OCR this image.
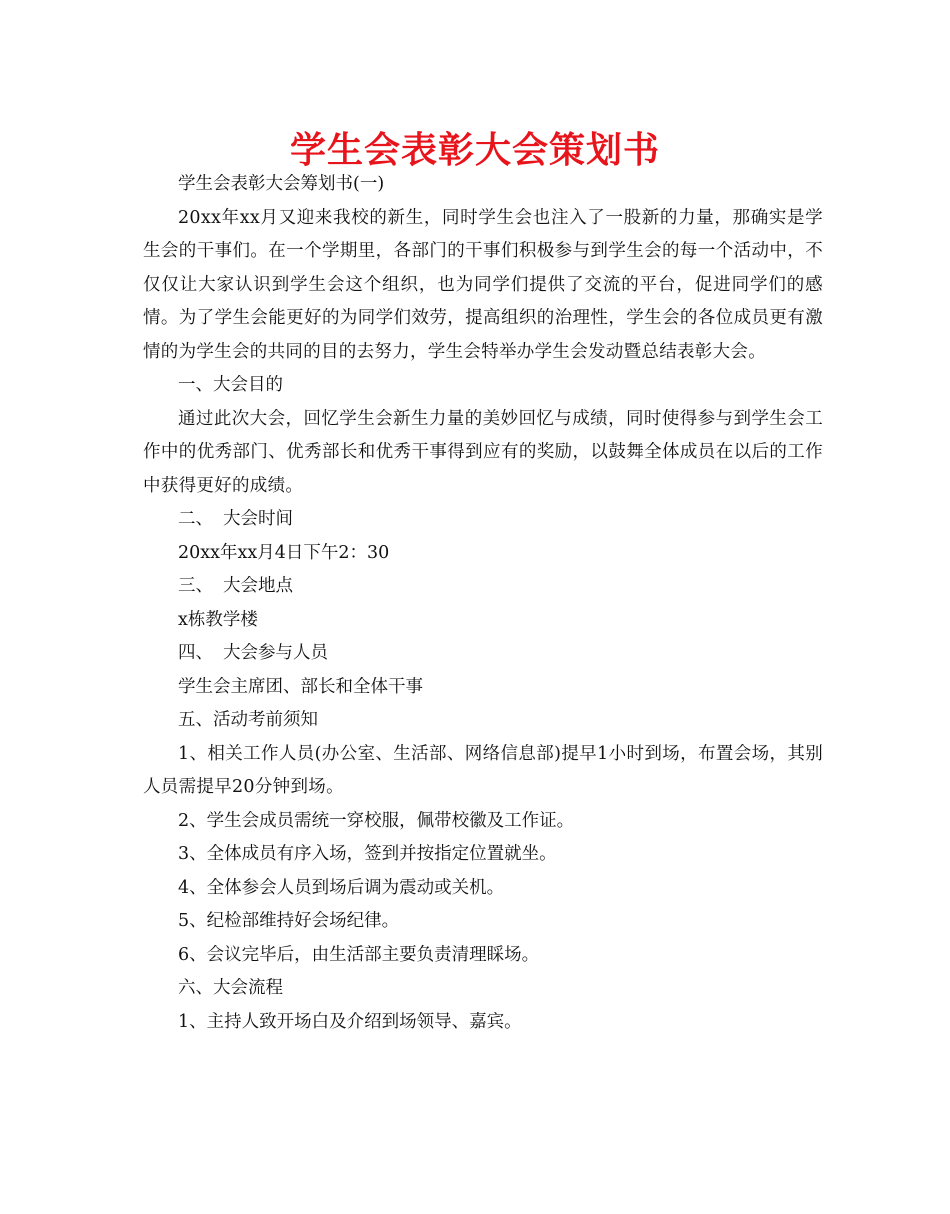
学生会表彰大会策划书
学生会表彰大会筹划书(一)

20xx年xx月又迎来我校的新生，同时学生会也注入了一股新的力量，那确实是学生会的干事们。在一个学期里，各部门的干事们积极参与到学生会的每一个活动中，不仅仅让大家认识到学生会这个组织，也为同学们提供了交流的平台，促进同学们的感情。为了学生会能更好的为同学们效劳，提高组织的治理性，学生会的各位成员更有激情的为学生会的共同的目的去努力，学生会特举办学生会发动暨总结表彰大会。

一、大会目的

通过此次大会，回忆学生会新生力量的美妙回忆与成绩，同时使得参与到学生会工作中的优秀部门、优秀部长和优秀干事得到应有的奖励，以鼓舞全体成员在以后的工作中获得更好的成绩。

二、 大会时间
20xx年xx月4日下午2：30
三、 大会地点
x栋教学楼
四、 大会参与人员
学生会主席团、部长和全体干事
五、活动考前须知

1、相关工作人员(办公室、生活部、网络信息部)提早1小时到场，布置会场，其别人员需提早20分钟到场。

2、学生会成员需统一穿校服，佩带校徽及工作证。
3、全体成员有序入场，签到并按指定位置就坐。
4、全体参会人员到场后调为震动或关机。
5、纪检部维持好会场纪律。
6、会议完毕后，由生活部主要负责清理睬场。
六、大会流程
1、主持人致开场白及介绍到场领导、嘉宾。
